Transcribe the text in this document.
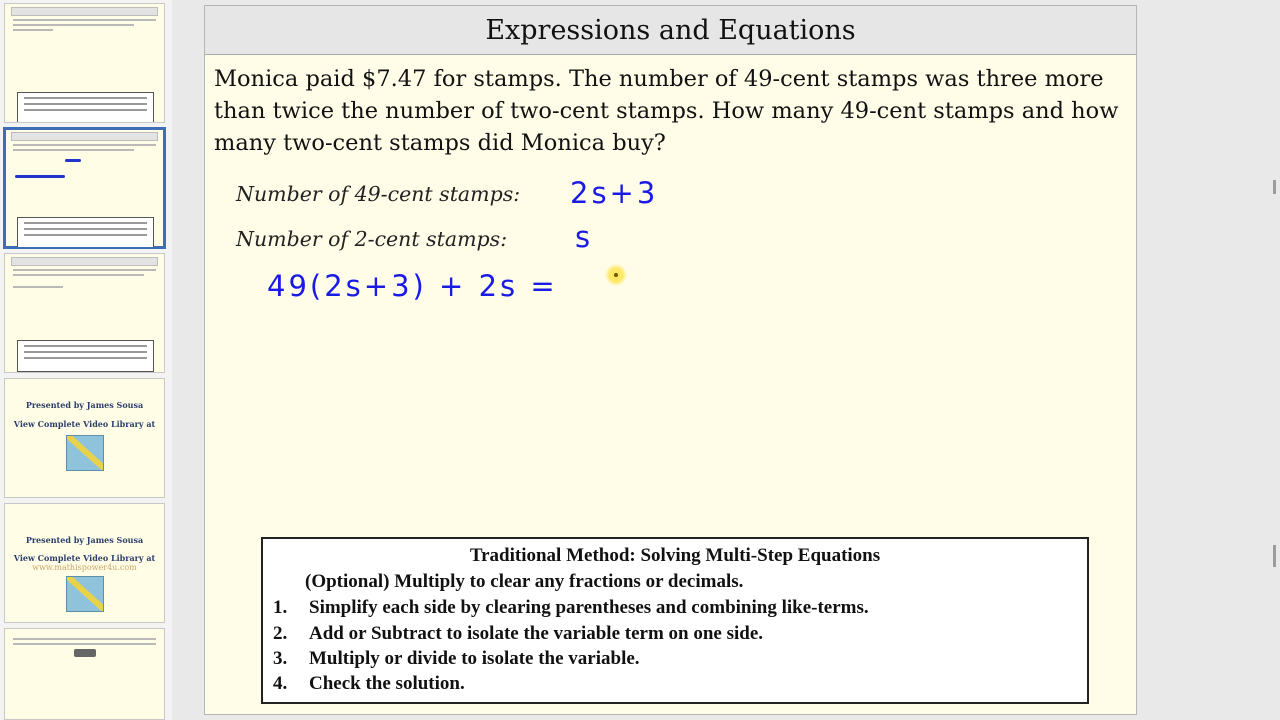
Presented by James Sousa
View Complete Video Library at
Presented by James Sousa
View Complete Video Library at
www.mathispower4u.com
Expressions and Equations
Monica paid $7.47 for stamps. The number of 49-cent stamps was three more than twice the number of two-cent stamps. How many 49-cent stamps and how many two-cent stamps did Monica buy?
Number of 49-cent stamps: 2s+3
Number of 2-cent stamps: s
49(2s+3) + 2s =
Traditional Method: Solving Multi-Step Equations
(Optional) Multiply to clear any fractions or decimals.
1. Simplify each side by clearing parentheses and combining like-terms.
2. Add or Subtract to isolate the variable term on one side.
3. Multiply or divide to isolate the variable.
4. Check the solution.
